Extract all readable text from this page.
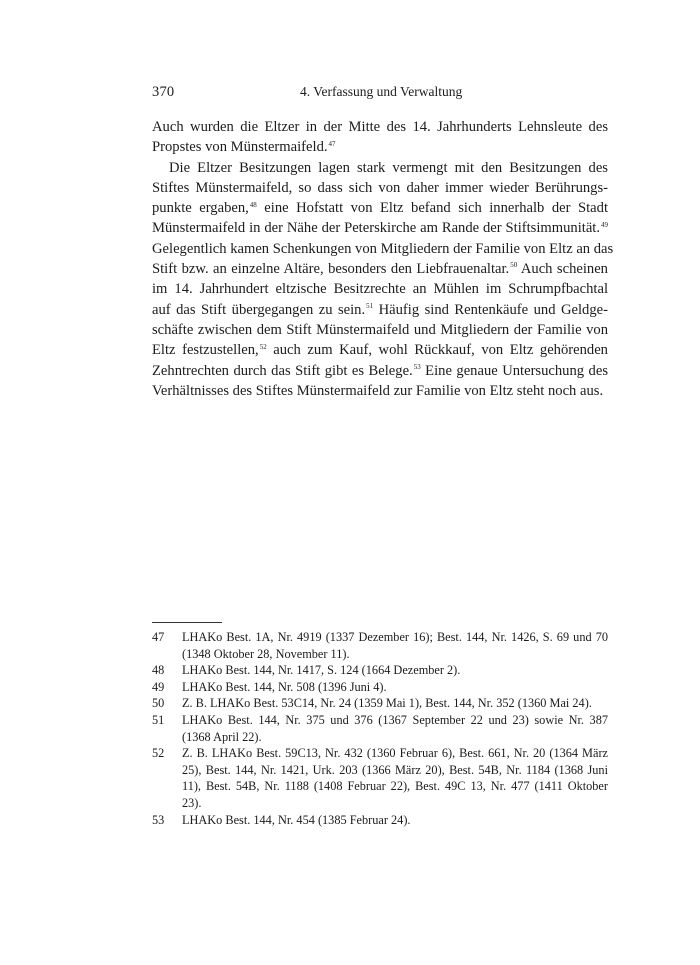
370	4. Verfassung und Verwaltung
Auch wurden die Eltzer in der Mitte des 14. Jahrhunderts Lehnsleute des
Propstes von Münstermaifeld.$^{47}$
Die Eltzer Besitzungen lagen stark vermengt mit den Besitzungen des
Stiftes Münstermaifeld, so dass sich von daher immer wieder Berührungs-
punkte ergaben,$^{48}$ eine Hofstatt von Eltz befand sich innerhalb der Stadt
Münstermaifeld in der Nähe der Peterskirche am Rande der Stiftsimmunität.$^{49}$
Gelegentlich kamen Schenkungen von Mitgliedern der Familie von Eltz an das
Stift bzw. an einzelne Altäre, besonders den Liebfrauenaltar.$^{50}$ Auch scheinen
im 14. Jahrhundert eltzische Besitzrechte an Mühlen im Schrumpfbachtal
auf das Stift übergegangen zu sein.$^{51}$ Häufig sind Rentenkäufe und Geldge-
schäfte zwischen dem Stift Münstermaifeld und Mitgliedern der Familie von
Eltz festzustellen,$^{52}$ auch zum Kauf, wohl Rückkauf, von Eltz gehörenden
Zehntrechten durch das Stift gibt es Belege.$^{53}$ Eine genaue Untersuchung des
Verhältnisses des Stiftes Münstermaifeld zur Familie von Eltz steht noch aus.
47 LHAKo Best. 1A, Nr. 4919 (1337 Dezember 16); Best. 144, Nr. 1426, S. 69 und 70
(1348 Oktober 28, November 11).
48 LHAKo Best. 144, Nr. 1417, S. 124 (1664 Dezember 2).
49 LHAKo Best. 144, Nr. 508 (1396 Juni 4).
50 Z. B. LHAKo Best. 53C14, Nr. 24 (1359 Mai 1), Best. 144, Nr. 352 (1360 Mai 24).
51 LHAKo Best. 144, Nr. 375 und 376 (1367 September 22 und 23) sowie Nr. 387
(1368 April 22).
52 Z. B. LHAKo Best. 59C13, Nr. 432 (1360 Februar 6), Best. 661, Nr. 20 (1364 März
25), Best. 144, Nr. 1421, Urk. 203 (1366 März 20), Best. 54B, Nr. 1184 (1368 Juni
11), Best. 54B, Nr. 1188 (1408 Februar 22), Best. 49C 13, Nr. 477 (1411 Oktober
23).
53 LHAKo Best. 144, Nr. 454 (1385 Februar 24).
